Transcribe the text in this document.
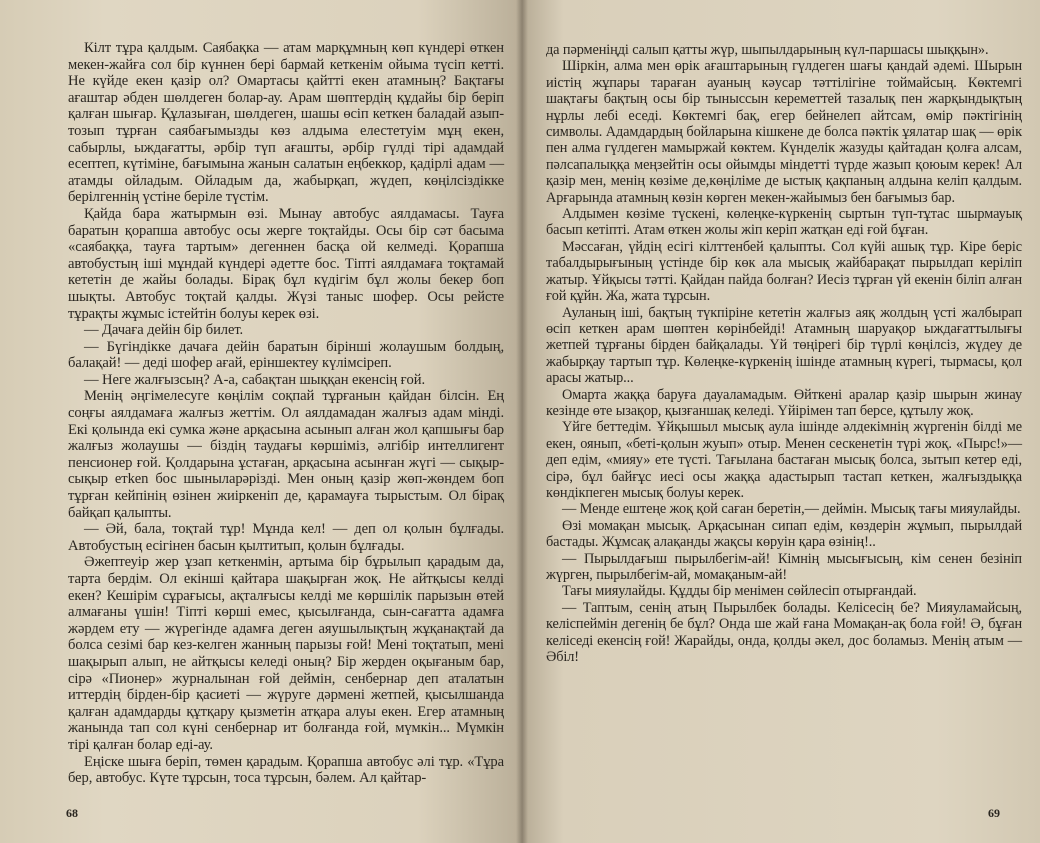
Кілт тұра қалдым. Саябақка — атам марқұмның көп күндері өткен мекен-жайға сол бір күннен бері бармай кеткенім ойыма түсіп кетті. Не күйде екен қазір ол? Омартасы қайтті екен атамның? Бақтағы ағаштар әбден шөлдеген болар-ау. Арам шөптердің құдайы бір беріп қалған шығар. Құлазыған, шөлдеген, шашы өсіп кеткен баладай азып-тозып тұрған саябағымызды көз алдыма елестетуім мұң екен, сабырлы, ыждағатты, әрбір түп ағашты, әрбір гүлді тірі адамдай есептеп, күтіміне, бағымына жанын салатын еңбеккор, қадірлі адам — атамды ойладым. Ойладым да, жабырқап, жүдеп, көңілсіздікке берілгеннің үстіне беріле түстім.

Қайда бара жатырмын өзі. Мынау автобус аялдамасы. Тауға баратын қорапша автобус осы жерге тоқтайды. Осы бір сәт басыма «саябаққа, тауға тартым» дегеннен басқа ой келмеді. Қорапша автобустың іші мұндай күндері әдетте бос. Тіпті аялдамаға тоқтамай кететін де жайы болады. Бірақ бұл күдігім бұл жолы бекер боп шықты. Автобус тоқтай қалды. Жүзі таныс шофер. Осы рейсте тұрақты жұмыс істейтін болуы керек өзі.

— Дачаға дейін бір билет.

— Бүгіндікке дачаға дейін баратын бірінші жолаушым болдың, балақай! — деді шофер ағай, ерiншектеу күлімсіреп.

— Неге жалғызсың? А-а, сабақтан шыққан екенсің ғой.

Менің әңгімелесуге көңілім соқпай тұрғанын қайдан білсін. Ең соңғы аялдамаға жалғыз жеттім. Ол аялдамадан жалғыз адам мінді. Екі қолында екі сумка және арқасына асынып алған жол қапшығы бар жалғыз жолаушы — біздің таудағы көршіміз, әлгібір интеллигент пенсионер ғой. Қолдарына ұстаған, арқасына асынған жүгі — сықыр-сықыр етken бос шыныларәрізді. Мен оның қазір жөп-жөндем боп тұрған кейпінің өзінен жиіркеніп де, қарамауға тырыстым. Ол бірақ байқап қалыпты.

— Әй, бала, тоқтай тұр! Мұнда кел! — деп ол қолын бұлғады. Автобустың есігінен басын қылтитып, қолын бұлғады.

Әжептеуір жер ұзап кеткенмін, артыма бір бұрылып қарадым да, тарта бердім. Ол екінші қайтара шақырған жоқ. Не айтқысы келді екен? Кешірім сұрағысы, ақталғысы келді ме көршілік парызын өтей алмағаны үшін! Тіпті көршi емес, қысылғанда, сын-сағатта адамға жәрдем ету — жүрегінде адамға деген аяушылықтың жұқанақтай да болса сезімі бар кез-келген жанның парызы ғой! Мені тоқтатып, мені шақырып алып, не айтқысы келеді оның? Бір жерден оқығаным бар, сірә «Пионер» журналынан ғой деймін, сенбернар деп аталатын иттердің бірден-бір қасиеті — жүруге дәрмені жетпей, қысылшанда қалған адамдарды құтқару қызметін атқара алуы екен. Егер атамның жанында тап сол күні сенбернар ит болғанда ғой, мүмкін... Мүмкін тірі қалған болар еді-ау.

Еңіске шыға беріп, төмен қарадым. Қорапша автобус әлі тұр. «Тұра бер, автобус. Күте тұрсын, тоса тұрсын, бәлем. Ал қайтар-

68

да пәрменіңді салып қатты жүр, шыпылдарының күл-паршасы шыққын».

Шіркін, алма мен өрік ағаштарының гүлдеген шағы қандай әдемі. Шырын иістің жұпары тараған ауаның кәусар тәттілігіне тоймайсың. Көктемгі шақтағы бақтың осы бір тыныссын кереметтей тазалық пен жарқындықтың нұрлы лебі еседі. Көктемгі бақ, егер бейнелеп айтсам, өмір пәктігінің символы. Адамдардың бойларына кішкене де болса пәктік ұялатар шақ — өрік пен алма гүлдеген мамыржай көктем. Күнделік жазуды қайтадан қолға алсам, пәлсапалыққа меңзейтін осы ойымды міндетті түрде жазып қоюым керек! Ал қазір мен, менің көзіме де,көңіліме де ыстық қақпаның алдына келіп қалдым. Арғарында атамның көзін көрген мекен-жайымыз бен бағымыз бар.

Алдымен көзіме түскені, көлеңке-күркенің сыртын түп-тұтас шырмауық басып кетіпті. Атам өткен жолы жіп керіп жатқан еді ғой бұған.

Мәссаған, үйдің есігі кілттенбей қалыпты. Сол күйі ашық тұр. Кіре берic табалдырығының үстінде бір көк ала мысық жайбарақат пырылдап керіліп жатыр. Ұйқысы тәтті. Қайдан пайда болған? Иесіз тұрған үй екенін біліп алған ғой құйн. Жа, жата тұрсын.

Ауланың іші, бақтың түкпіріне кететін жалғыз аяқ жолдың үсті жалбырап өсіп кеткен арам шөптен көрінбейді! Атамның шаруақор ыждағаттылығы жетпей тұрғаны бірден байқалады. Үй төңірегі бір түрлі көңілсіз, жүдеу де жабырқау тартып тұр. Көлеңке-күркенің ішінде атамның күрегі, тырмасы, қол арасы жатыр...

Омарта жаққа баруға дауаламадым. Өйткені аралар қазір шырын жинау кезінде өте ызақор, қызғаншақ келеді. Үйірімен тап берсе, құтылу жоқ.

Үйге беттедім. Ұйқышыл мысық аула ішінде әлдекімнің жүргенін білді ме екен, оянып, «беті-қолын жуып» отыр. Менен сескенетін түрі жоқ. «Пырс!»— деп едім, «мияу» ете түсті. Тағылана бастаған мысық болса, зытып кетер еді, сірә, бұл байғұс иесі осы жаққа адастырып тастап кеткен, жалғыздыққа көндікпеген мысық болуы керек.

— Менде ештеңе жоқ қой саған беретін,— деймін. Мысық тағы мияулайды.

Өзі момақан мысық. Арқасынан сипап едім, көздерін жұмып, пырылдай бастады. Жұмсақ алақанды жақсы көруін қара өзінің!..

— Пырылдағыш пырылбегім-ай! Кімнің мысығысың, кім сенен безініп жүрген, пырылбегім-ай, момақаным-ай!

Тағы мияулайды. Құдды бір менімен сөйлесіп отырғандай.

— Таптым, сенің атың Пырылбек болады. Келісесің бе? Мияуламайсың, келіспеймін дегенің бе бұл? Онда ше жай ғана Момақан-ақ бола ғой! Ә, бұған келіседі екенсің ғой! Жарайды, онда, қолды әкел, дос боламыз. Менің атым — Әбіл!

69
